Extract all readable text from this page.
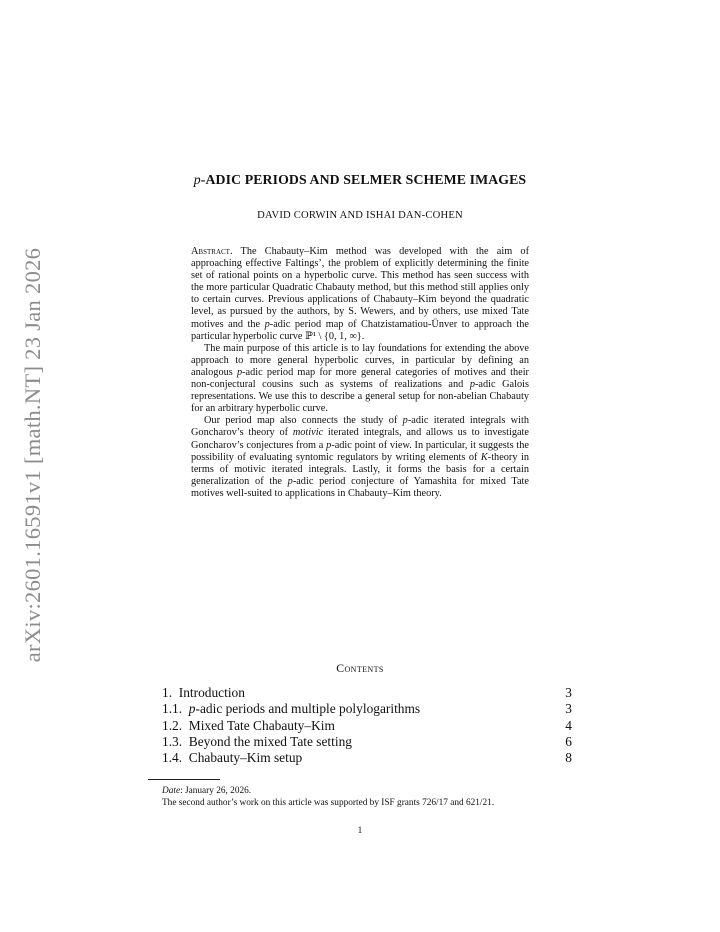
arXiv:2601.16591v1 [math.NT] 23 Jan 2026
p-ADIC PERIODS AND SELMER SCHEME IMAGES
DAVID CORWIN AND ISHAI DAN-COHEN

Abstract. The Chabauty–Kim method was developed with the aim of approaching effective Faltings’, the problem of explicitly determining the finite set of rational points on a hyperbolic curve. This method has seen success with the more particular Quadratic Chabauty method, but this method still applies only to certain curves. Previous applications of Chabauty–Kim beyond the quadratic level, as pursued by the authors, by S. Wewers, and by others, use mixed Tate motives and the p-adic period map of Chatzistamatiou-Ünver to approach the particular hyperbolic curve ℙ¹ \ {0, 1, ∞}.

The main purpose of this article is to lay foundations for extending the above approach to more general hyperbolic curves, in particular by defining an analogous p-adic period map for more general categories of motives and their non-conjectural cousins such as systems of realizations and p-adic Galois representations. We use this to describe a general setup for non-abelian Chabauty for an arbitrary hyperbolic curve.

Our period map also connects the study of p-adic iterated integrals with Goncharov’s theory of motivic iterated integrals, and allows us to investigate Goncharov’s conjectures from a p-adic point of view. In particular, it suggests the possibility of evaluating syntomic regulators by writing elements of K-theory in terms of motivic iterated integrals. Lastly, it forms the basis for a certain generalization of the p-adic period conjecture of Yamashita for mixed Tate motives well-suited to applications in Chabauty–Kim theory.

Contents
1. Introduction	3
1.1. p-adic periods and multiple polylogarithms	3
1.2. Mixed Tate Chabauty–Kim	4
1.3. Beyond the mixed Tate setting	6
1.4. Chabauty–Kim setup	8

Date: January 26, 2026.

The second author’s work on this article was supported by ISF grants 726/17 and 621/21.

1
